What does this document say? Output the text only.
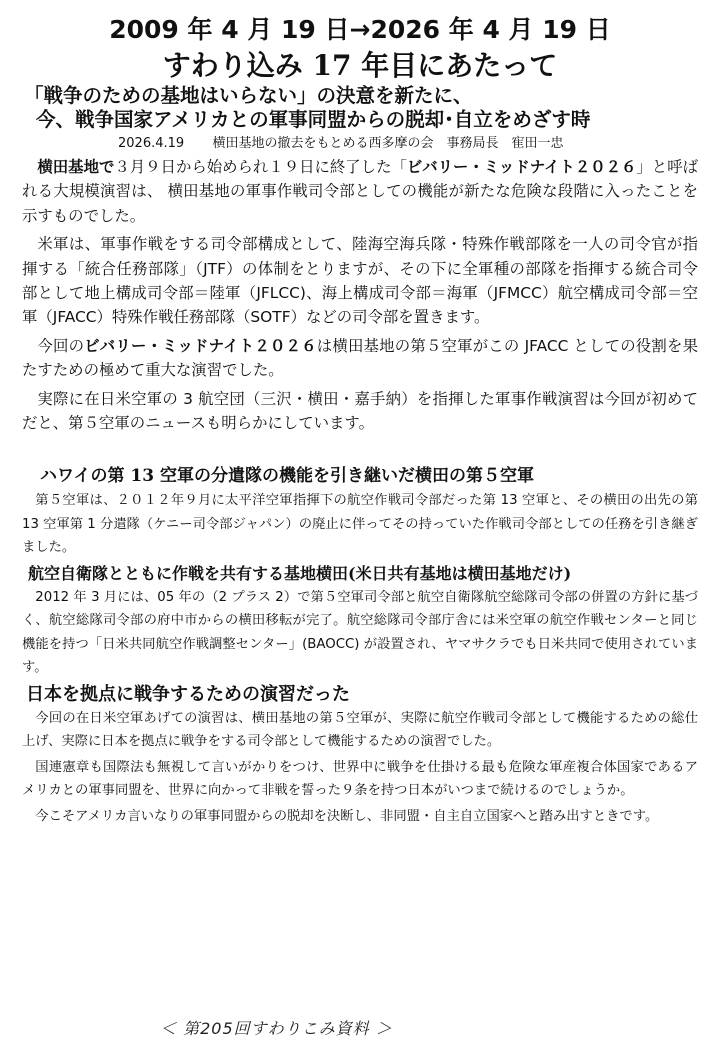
2009 年 4 月 19 日→2026 年 4 月 19 日
すわり込み 17 年目にあたって
「戦争のための基地はいらない」の決意を新たに、
今、戦争国家アメリカとの軍事同盟からの脱却･自立をめざす時
2026.4.19 横田基地の撤去をもとめる西多摩の会　事務局長　寉田一忠

横田基地で３月９日から始められ１９日に終了した「ビバリー・ミッドナイト２０２６」と呼ばれる大規模演習は、 横田基地の軍事作戦司令部としての機能が新たな危険な段階に入ったことを示すものでした。

米軍は、軍事作戦をする司令部構成として、陸海空海兵隊・特殊作戦部隊を一人の司令官が指揮する「統合任務部隊」（JTF）の体制をとりますが、その下に全軍種の部隊を指揮する統合司令部として地上構成司令部＝陸軍（JFLCC)、海上構成司令部＝海軍（JFMCC）航空構成司令部＝空軍（JFACC）特殊作戦任務部隊（SOTF）などの司令部を置きます。

今回のビバリー・ミッドナイト２０２６は横田基地の第５空軍がこの JFACC としての役割を果たすための極めて重大な演習でした。

実際に在日米空軍の 3 航空団（三沢・横田・嘉手納）を指揮した軍事作戦演習は今回が初めてだと、第５空軍のニュースも明らかにしています。

ハワイの第 13 空軍の分遣隊の機能を引き継いだ横田の第５空軍

第５空軍は、２０１２年９月に太平洋空軍指揮下の航空作戦司令部だった第 13 空軍と、その横田の出先の第 13 空軍第 1 分遣隊（ケニー司令部ジャパン）の廃止に伴ってその持っていた作戦司令部としての任務を引き継ぎました。

航空自衛隊とともに作戦を共有する基地横田(米日共有基地は横田基地だけ)

2012 年 3 月には、05 年の（2 プラス 2）で第５空軍司令部と航空自衛隊航空総隊司令部の併置の方針に基づく、航空総隊司令部の府中市からの横田移転が完了。航空総隊司令部庁舎には米空軍の航空作戦センターと同じ機能を持つ「日米共同航空作戦調整センター」(BAOCC) が設置され、ヤマサクラでも日米共同で使用されています。

日本を拠点に戦争するための演習だった

今回の在日米空軍あげての演習は、横田基地の第５空軍が、実際に航空作戦司令部として機能するための総仕上げ、実際に日本を拠点に戦争をする司令部として機能するための演習でした。

国連憲章も国際法も無視して言いがかりをつけ、世界中に戦争を仕掛ける最も危険な軍産複合体国家であるアメリカとの軍事同盟を、世界に向かって非戦を誓った９条を持つ日本がいつまで続けるのでしょうか。

今こそアメリカ言いなりの軍事同盟からの脱却を決断し、非同盟・自主自立国家へと踏み出すときです。

＜ 第205回すわりこみ資料 ＞
